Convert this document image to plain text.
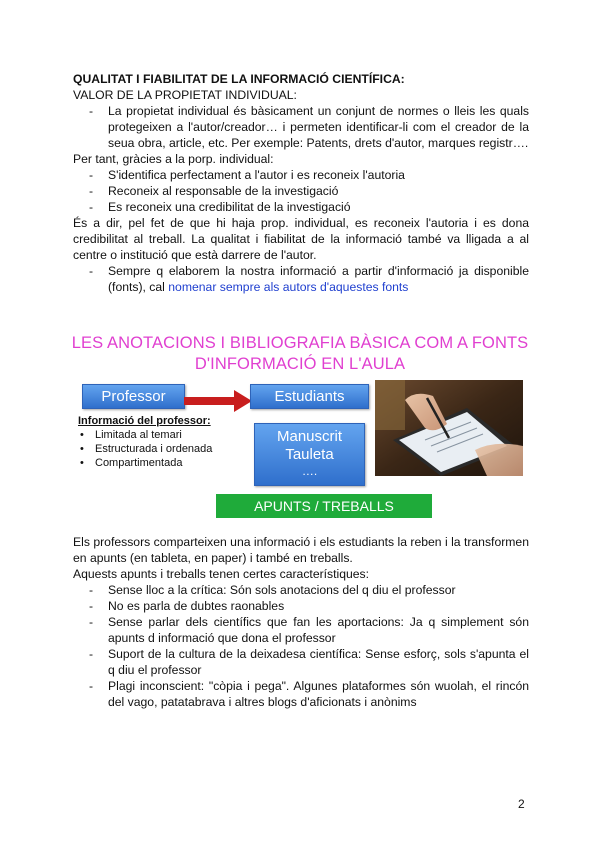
QUALITAT I FIABILITAT DE LA INFORMACIÓ CIENTÍFICA:
VALOR DE LA PROPIETAT INDIVIDUAL:
- La propietat individual és bàsicament un conjunt de normes o lleis les quals protegeixen a l'autor/creador… i permeten identificar-li com el creador de la seua obra, article, etc. Per exemple: Patents, drets d'autor, marques registr….
Per tant, gràcies a la porp. individual:
- S'identifica perfectament a l'autor i es reconeix l'autoria
- Reconeix al responsable de la investigació
- Es reconeix una credibilitat de la investigació

És a dir, pel fet de que hi haja prop. individual, es reconeix l'autoria i es dona credibilitat al treball. La qualitat i fiabilitat de la informació també va lligada a al centre o institució que està darrere de l'autor.

- Sempre q elaborem la nostra informació a partir d'informació ja disponible (fonts), cal nomenar sempre als autors d'aquestes fonts
LES ANOTACIONS I BIBLIOGRAFIA BÀSICA COM A FONTS
D'INFORMACIÓ EN L'AULA
Professor	Estudiants
Informació del professor:
• Limitada al temari
• Estructurada i ordenada
• Compartimentada
Manuscrit
Tauleta
….
APUNTS / TREBALLS

Els professors comparteixen una informació i els estudiants la reben i la transformen en apunts (en tableta, en paper) i també en treballs.

Aquests apunts i treballs tenen certes característiques:
- Sense lloc a la crítica: Són sols anotacions del q diu el professor
- No es parla de dubtes raonables
- Sense parlar dels científics que fan les aportacions: Ja q simplement són apunts d informació que dona el professor
- Suport de la cultura de la deixadesa científica: Sense esforç, sols s'apunta el q diu el professor
- Plagi inconscient: "còpia i pega". Algunes plataformes són wuolah, el rincón del vago, patatabrava i altres blogs d'aficionats i anònims
2
